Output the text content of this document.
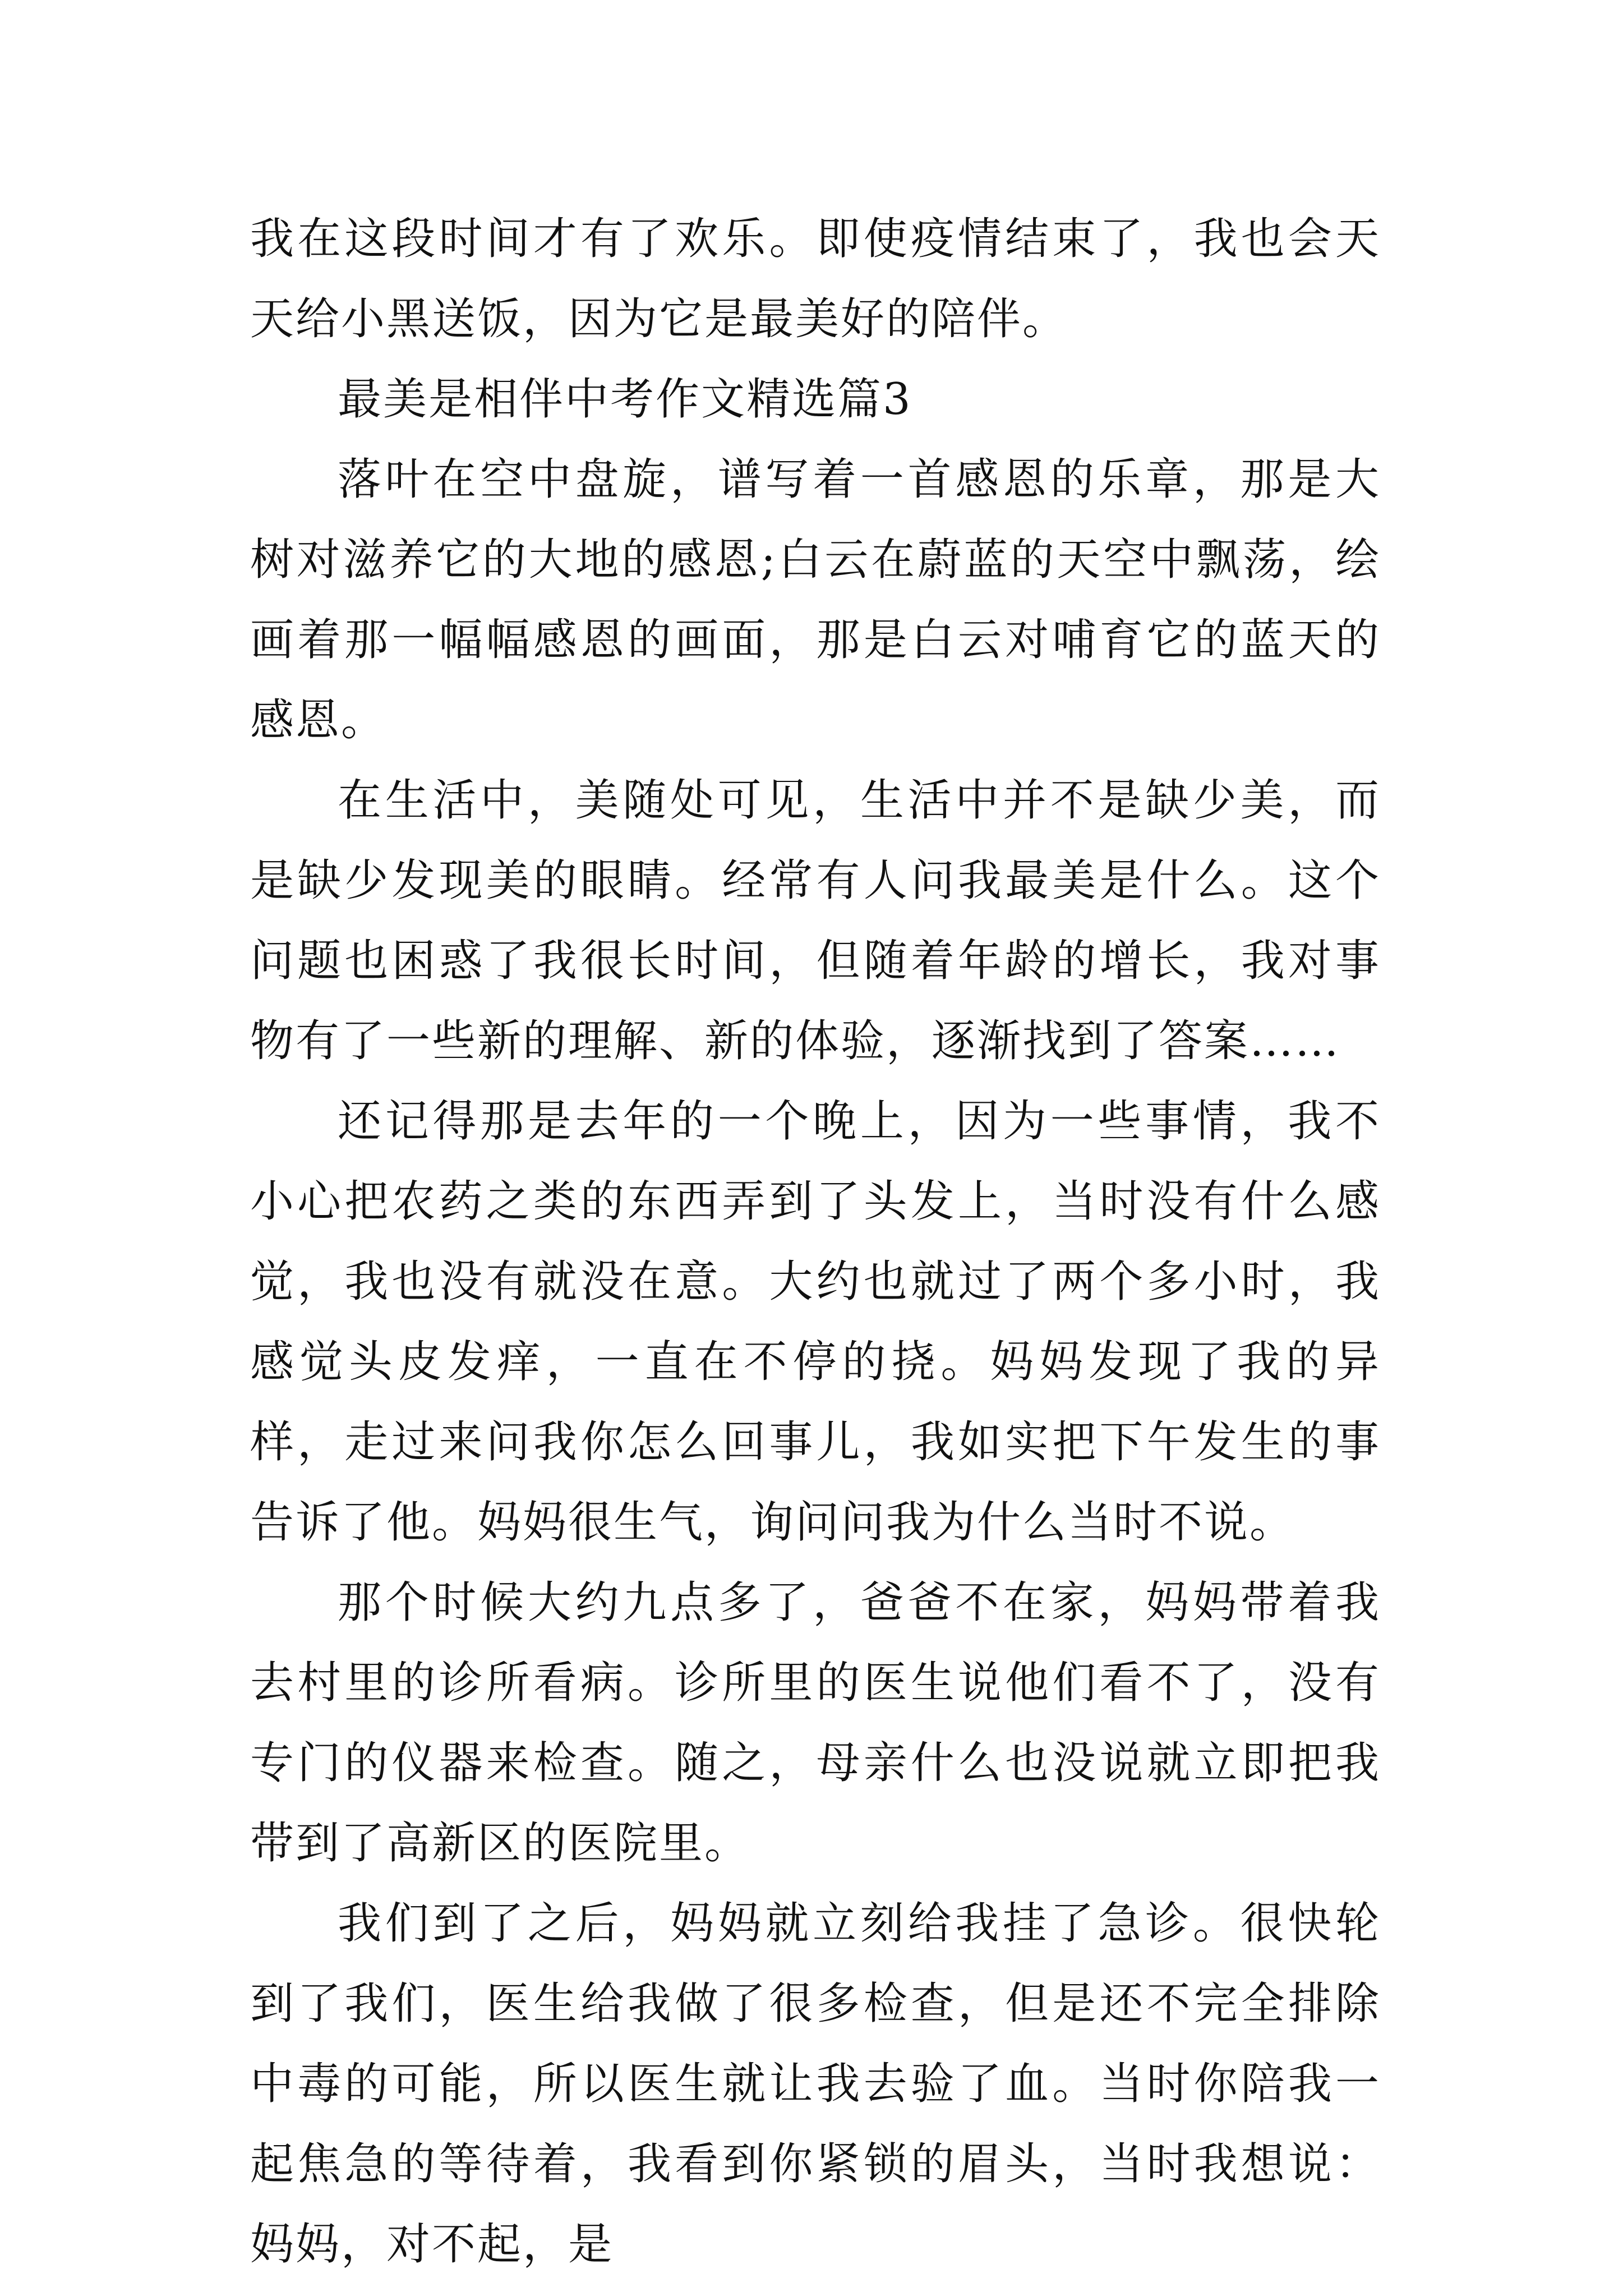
我在这段时间才有了欢乐。即使疫情结束了，我也会天天给小黑送饭，因为它是最美好的陪伴。

最美是相伴中考作文精选篇3

落叶在空中盘旋，谱写着一首感恩的乐章，那是大树对滋养它的大地的感恩;白云在蔚蓝的天空中飘荡，绘画着那一幅幅感恩的画面，那是白云对哺育它的蓝天的感恩。

在生活中，美随处可见，生活中并不是缺少美，而是缺少发现美的眼睛。经常有人问我最美是什么。这个问题也困惑了我很长时间，但随着年龄的增长，我对事物有了一些新的理解、新的体验，逐渐找到了答案……

还记得那是去年的一个晚上，因为一些事情，我不小心把农药之类的东西弄到了头发上，当时没有什么感觉，我也没有就没在意。大约也就过了两个多小时，我感觉头皮发痒，一直在不停的挠。妈妈发现了我的异样，走过来问我你怎么回事儿，我如实把下午发生的事告诉了他。妈妈很生气，询问问我为什么当时不说。

那个时候大约九点多了，爸爸不在家，妈妈带着我去村里的诊所看病。诊所里的医生说他们看不了，没有专门的仪器来检查。随之，母亲什么也没说就立即把我带到了高新区的医院里。

我们到了之后，妈妈就立刻给我挂了急诊。很快轮到了我们，医生给我做了很多检查，但是还不完全排除中毒的可能，所以医生就让我去验了血。当时你陪我一起焦急的等待着，我看到你紧锁的眉头，当时我想说：妈妈，对不起，是
